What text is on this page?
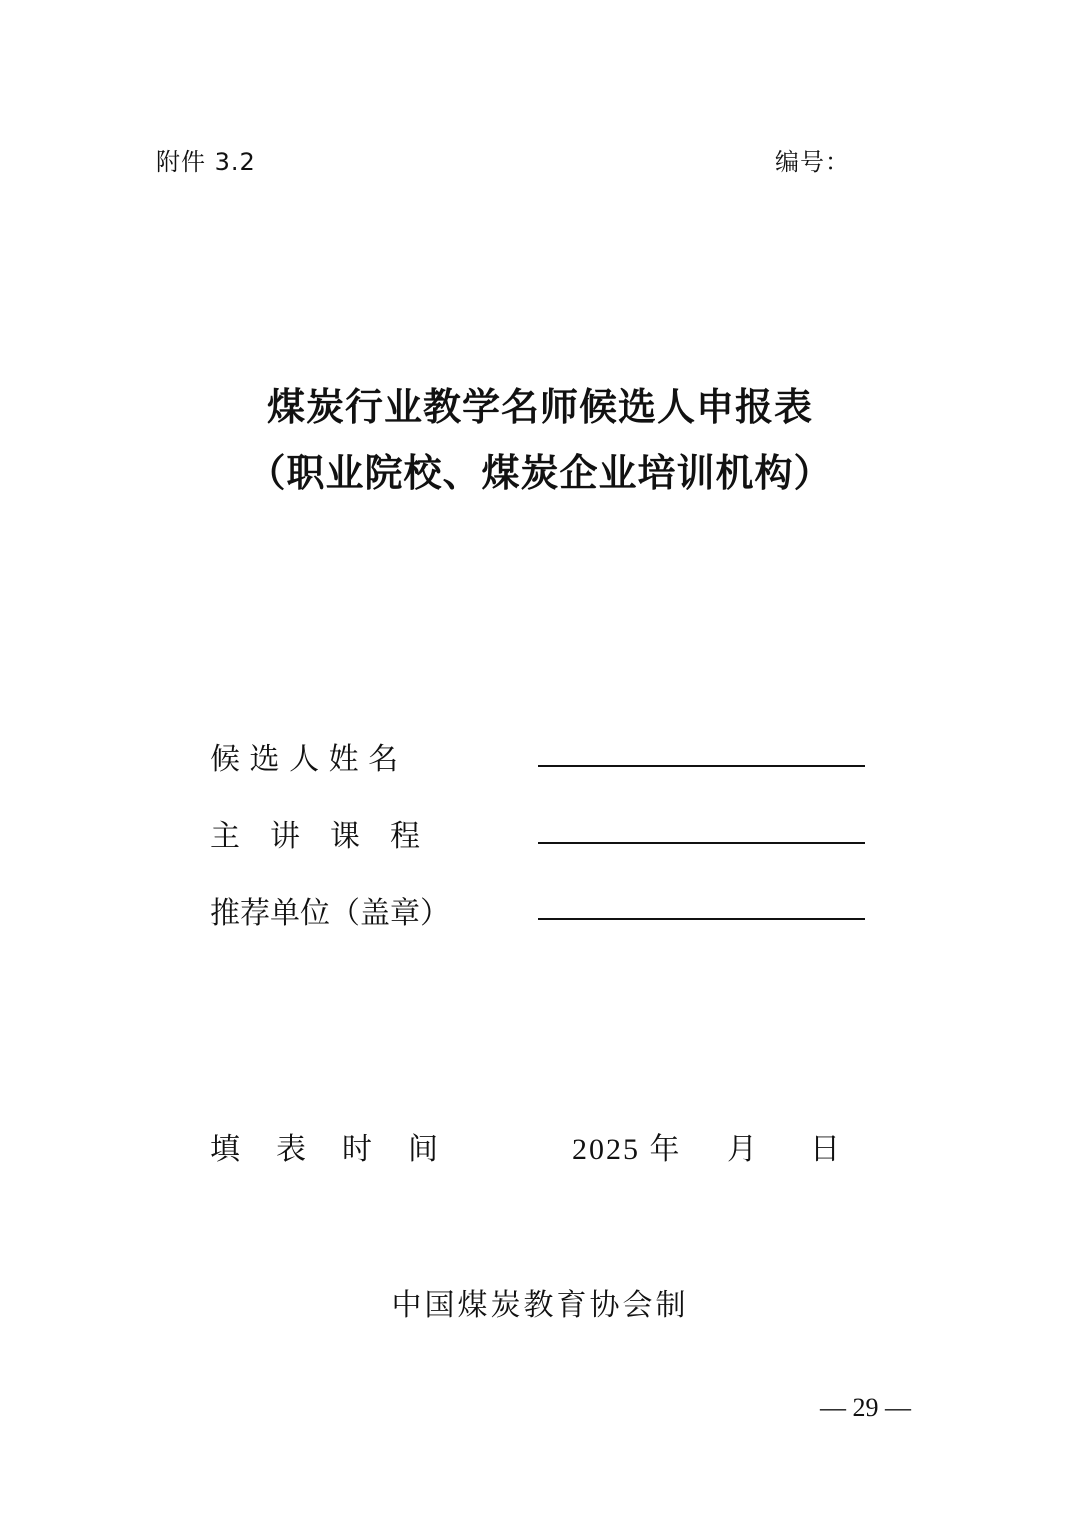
附件 3.2	编号：
煤炭行业教学名师候选人申报表
（职业院校、煤炭企业培训机构）
候 选 人 姓 名
主　讲　课　程
推荐单位（盖章）
填表时间	2025 年 月 日
中国煤炭教育协会制
— 29 —
